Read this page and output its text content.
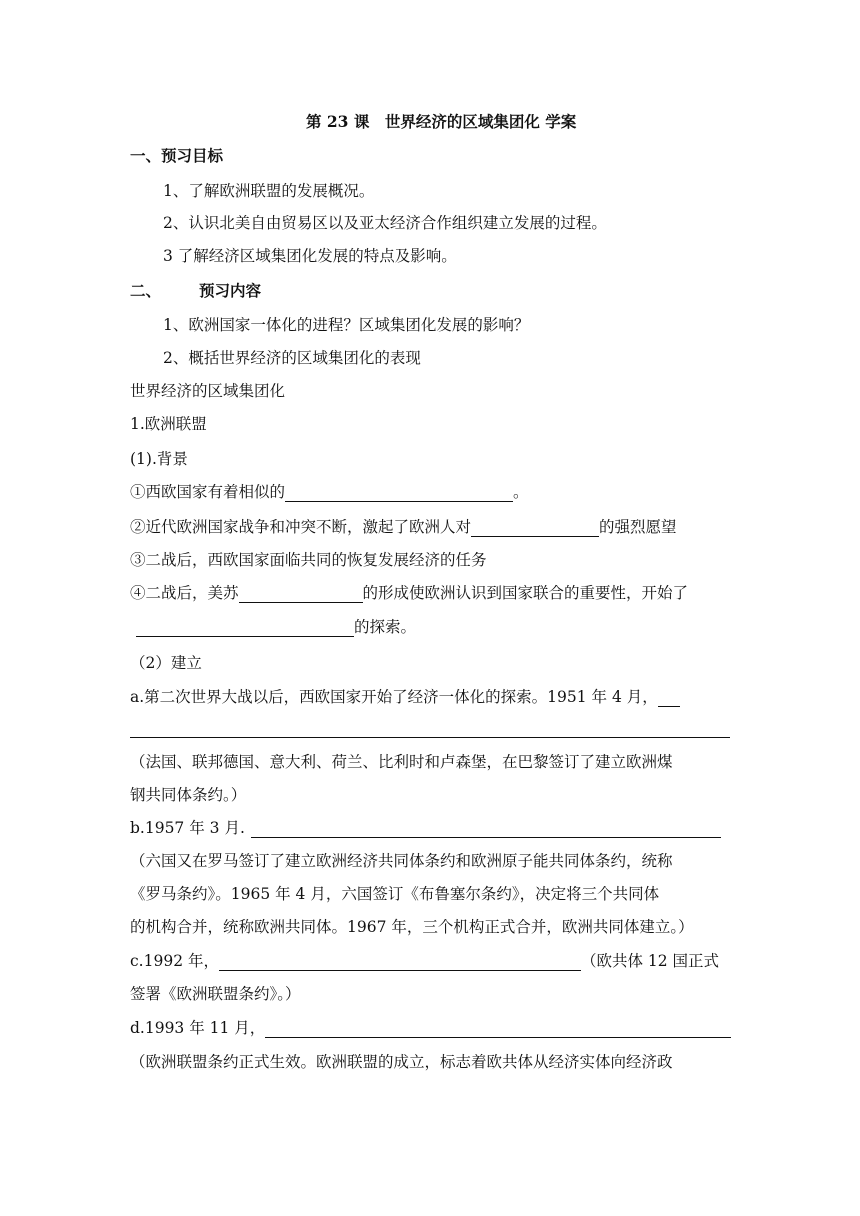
第 23 课　世界经济的区域集团化 学案
一、预习目标
1、了解欧洲联盟的发展概况。
2、认识北美自由贸易区以及亚太经济合作组织建立发展的过程。
3 了解经济区域集团化发展的特点及影响。
二、 预习内容
1、欧洲国家一体化的进程？区域集团化发展的影响？
2、概括世界经济的区域集团化的表现
世界经济的区域集团化
1.欧洲联盟
(1).背景
①西欧国家有着相似的	。
②近代欧洲国家战争和冲突不断，激起了欧洲人对	的强烈愿望
③二战后，西欧国家面临共同的恢复发展经济的任务
④二战后，美苏	的形成使欧洲认识到国家联合的重要性，开始了
的探索。
（2）建立
a.第二次世界大战以后，西欧国家开始了经济一体化的探索。1951 年 4 月，
（法国、联邦德国、意大利、荷兰、比利时和卢森堡，在巴黎签订了建立欧洲煤
钢共同体条约。）
b.1957 年 3 月.
（六国又在罗马签订了建立欧洲经济共同体条约和欧洲原子能共同体条约，统称
《罗马条约》。1965 年 4 月，六国签订《布鲁塞尔条约》，决定将三个共同体
的机构合并，统称欧洲共同体。1967 年，三个机构正式合并，欧洲共同体建立。）
c.1992 年，	（欧共体 12 国正式
签署《欧洲联盟条约》。）
d.1993 年 11 月，
（欧洲联盟条约正式生效。欧洲联盟的成立，标志着欧共体从经济实体向经济政
